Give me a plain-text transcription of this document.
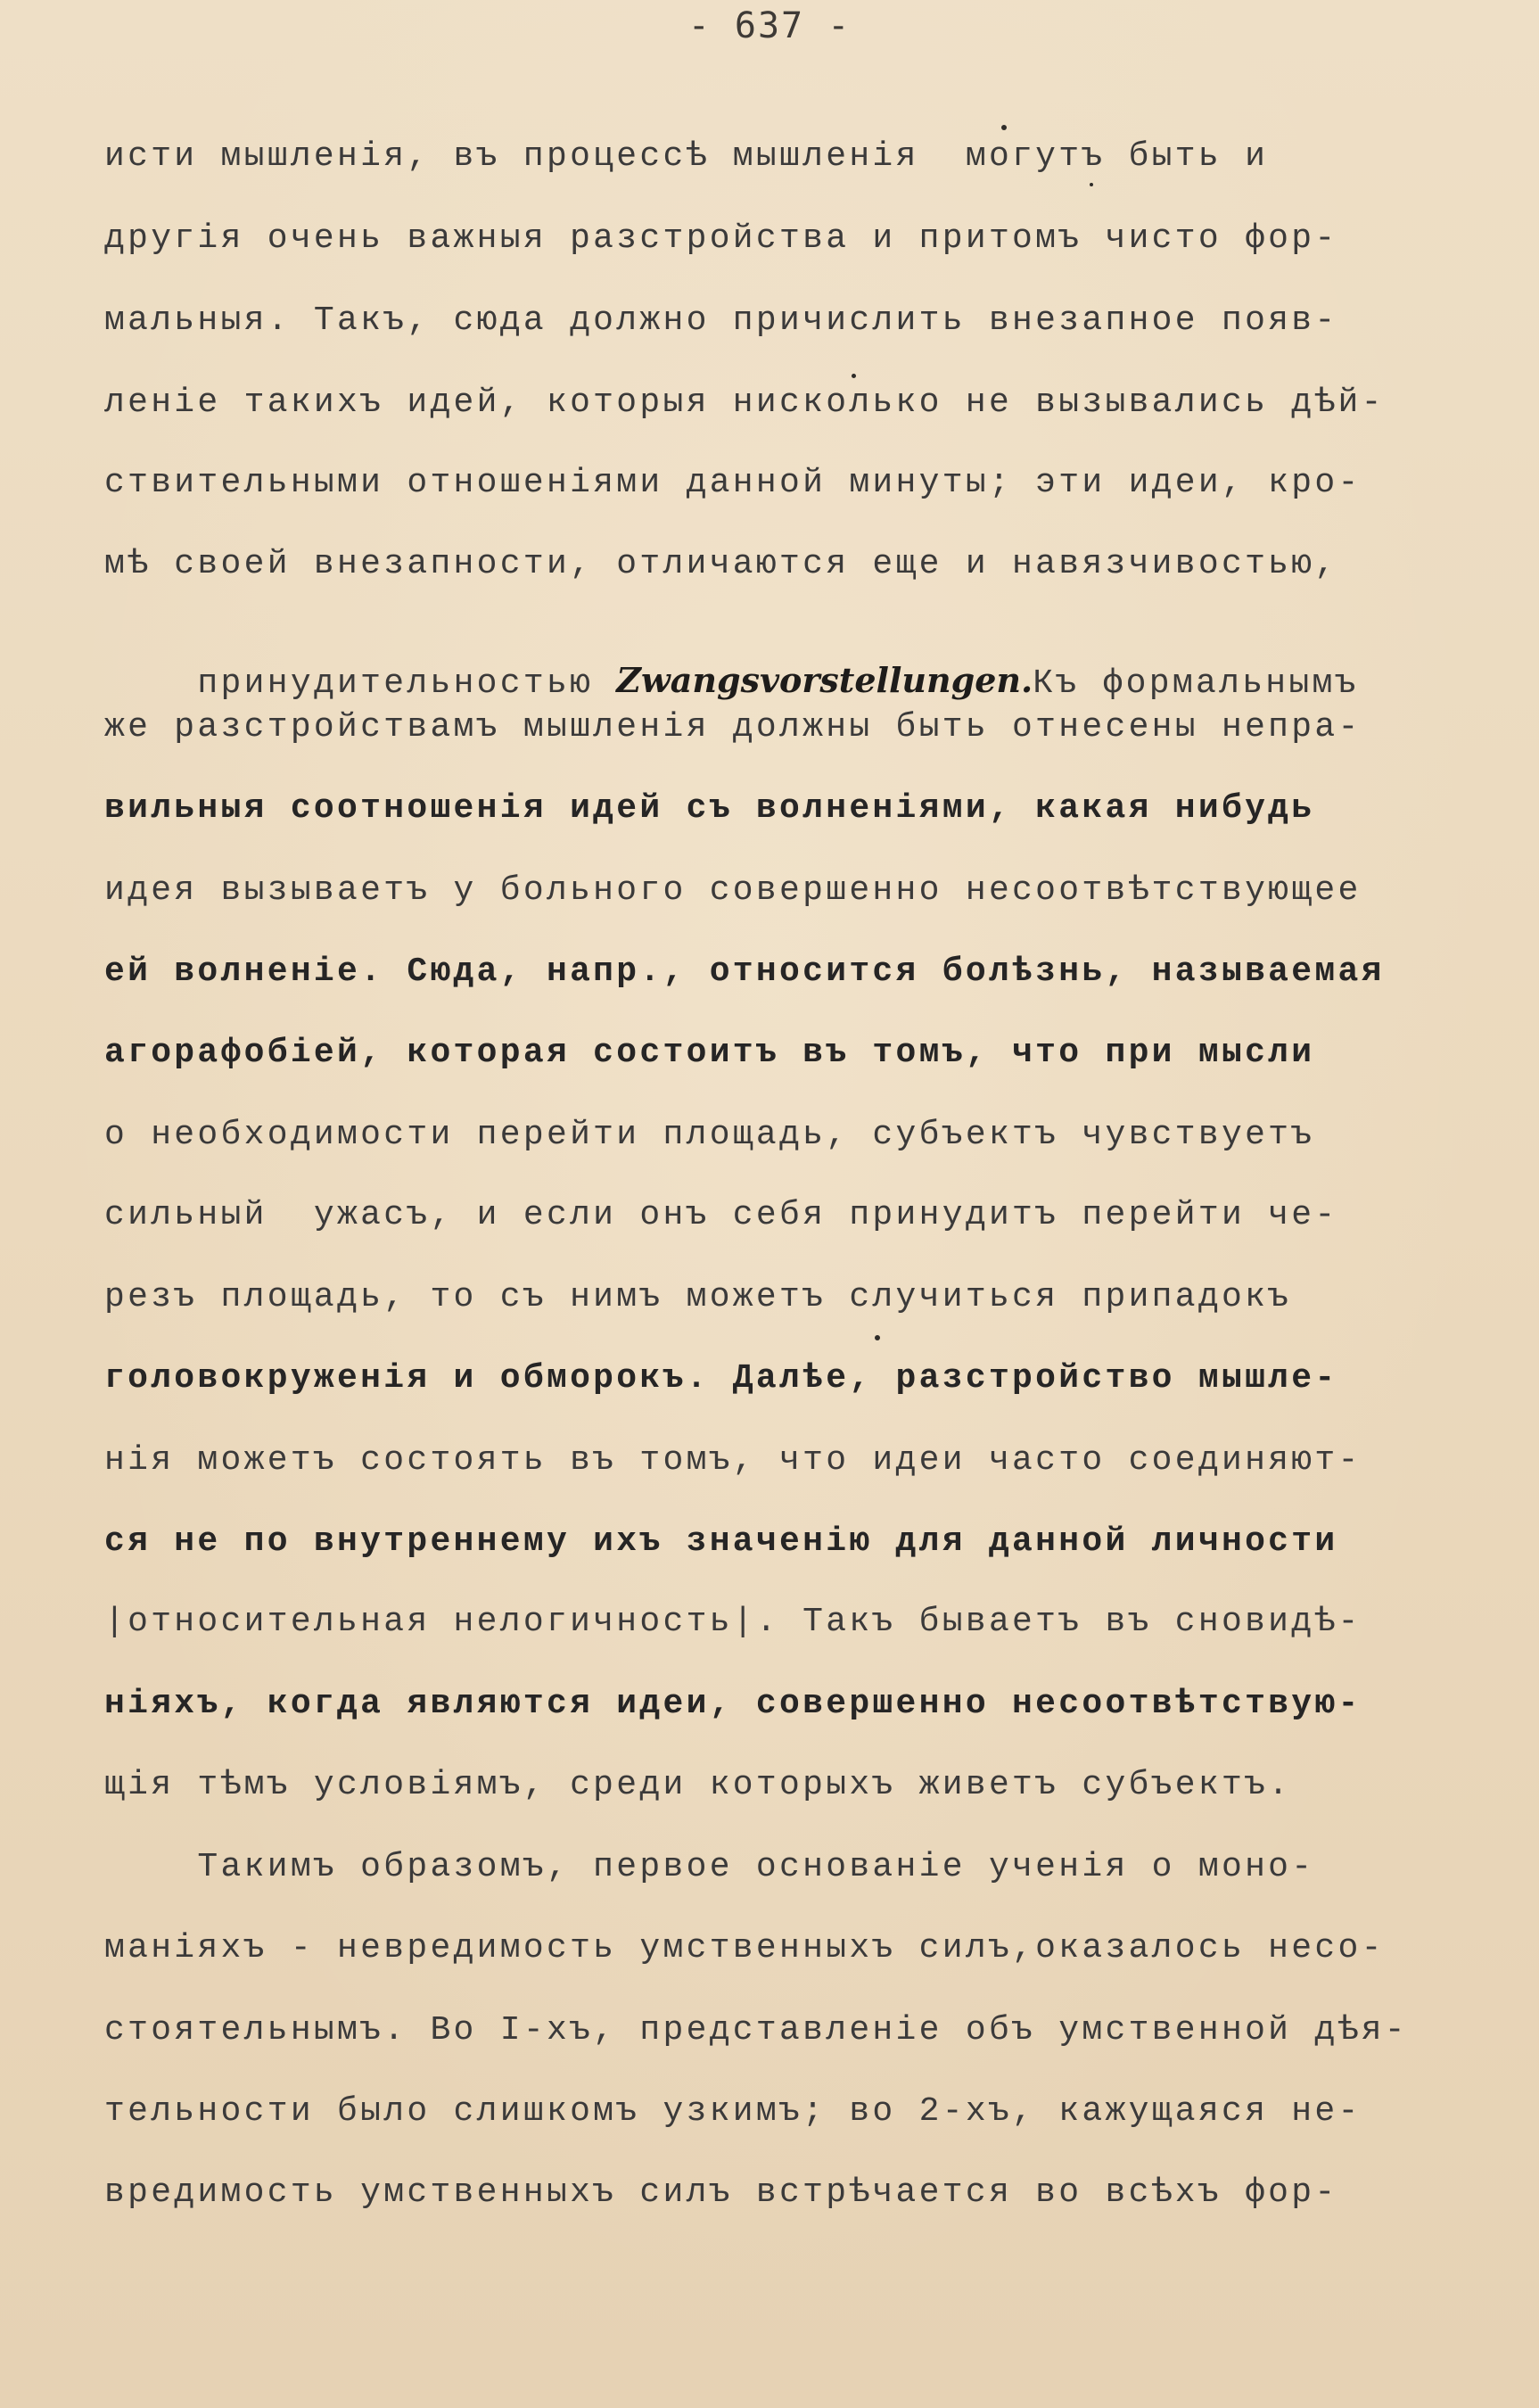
- 637 -
исти мышленія, въ процессѣ мышленія  могутъ быть и
другія очень важныя разстройства и притомъ чисто фор-
мальныя. Такъ, сюда должно причислить внезапное появ-
леніе такихъ идей, которыя нисколько не вызывались дѣй-
ствительными отношеніями данной минуты; эти идеи, кро-
мѣ своей внезапности, отличаются еще и навязчивостью,

принудительностью Zwangsvorstellungen.Къ формальнымъ

же разстройствамъ мышленія должны быть отнесены непра-
вильныя соотношенія идей съ волненіями, какая нибудь
идея вызываетъ у больного совершенно несоотвѣтствующее
ей волненіе. Сюда, напр., относится болѣзнь, называемая
агорафобіей, которая состоитъ въ томъ, что при мысли
о необходимости перейти площадь, субъектъ чувствуетъ
сильный  ужасъ, и если онъ себя принудитъ перейти че-
резъ площадь, то съ нимъ можетъ случиться припадокъ
головокруженія и обморокъ. Далѣе, разстройство мышле-
нія можетъ состоять въ томъ, что идеи часто соединяют-
ся не по внутреннему ихъ значенію для данной личности
|относительная нелогичность|. Такъ бываетъ въ сновидѣ-
ніяхъ, когда являются идеи, совершенно несоотвѣтствую-
щія тѣмъ условіямъ, среди которыхъ живетъ субъектъ.
Такимъ образомъ, первое основаніе ученія о моно-
маніяхъ - невредимость умственныхъ силъ,оказалось несо-
стоятельнымъ. Во I-хъ, представленіе объ умственной дѣя-
тельности было слишкомъ узкимъ; во 2-хъ, кажущаяся не-
вредимость умственныхъ силъ встрѣчается во всѣхъ фор-
